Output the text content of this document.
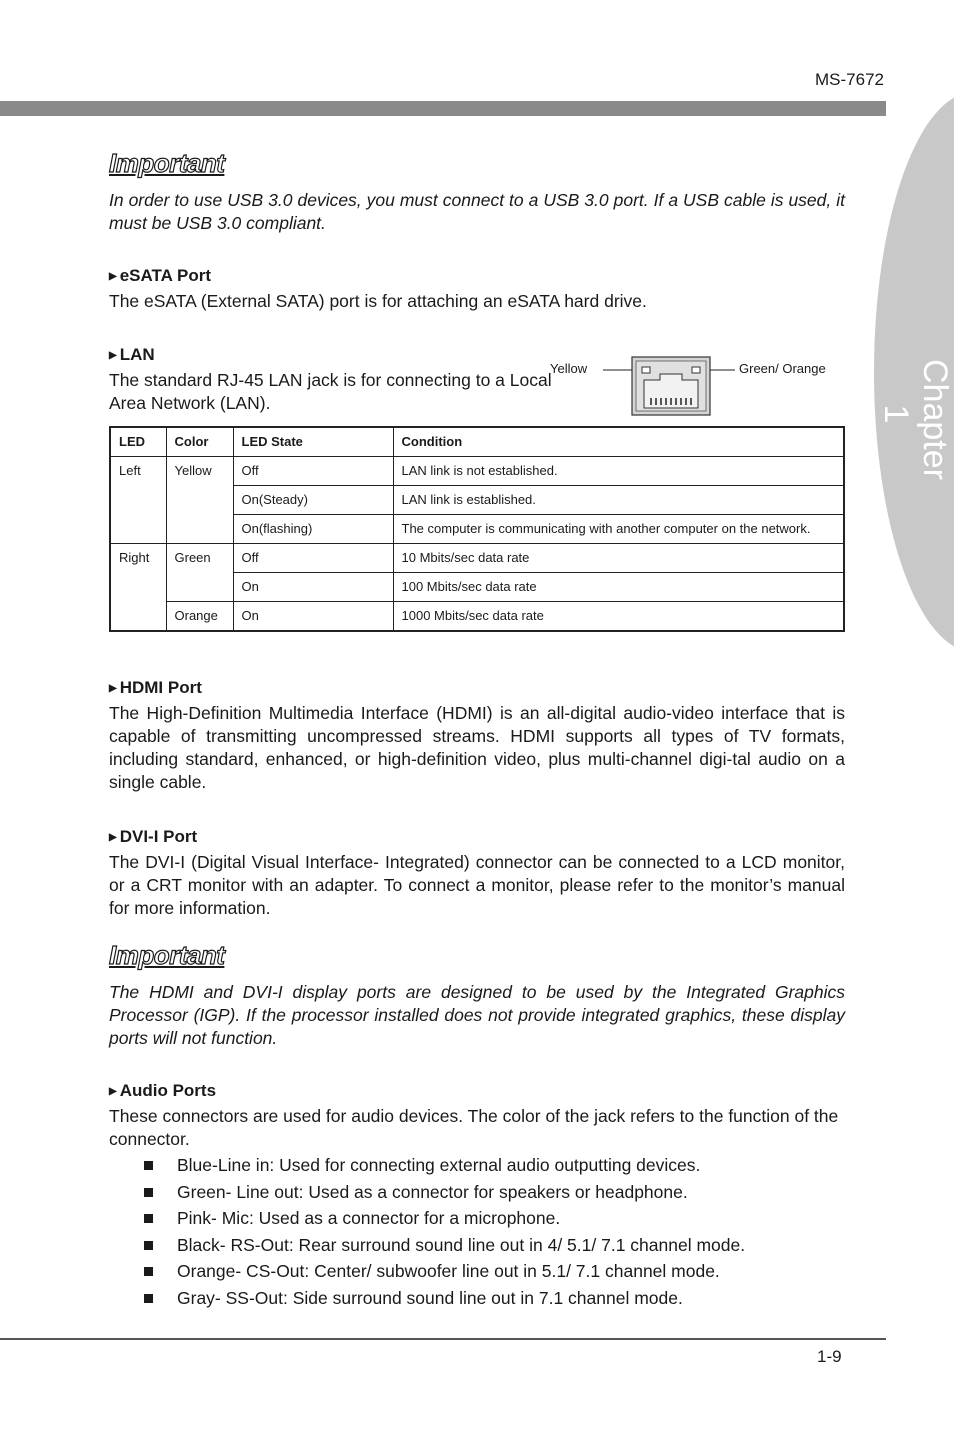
MS-7672
Chapter 1
Important

In order to use USB 3.0 devices, you must connect to a USB 3.0 port. If a USB cable is used, it must be USB 3.0 compliant.

▶ eSATA Port

The eSATA (External SATA) port is for attaching an eSATA hard drive.

▶ LAN

The standard RJ-45 LAN jack is for connecting to a Local Area Network (LAN).

Yellow	Green/ Orange
LED	Color	LED State	Condition
Left	Yellow	Off	LAN link is not established.
		On(Steady)	LAN link is established.
		On(flashing)	The computer is communicating with another computer on the network.
Right	Green	Off	10 Mbits/sec data rate
		On	100 Mbits/sec data rate
	Orange	On	1000 Mbits/sec data rate

▶ HDMI Port

The High-Definition Multimedia Interface (HDMI) is an all-digital audio-video interface that is capable of transmitting uncompressed streams. HDMI supports all types of TV formats, including standard, enhanced, or high-definition video, plus multi-channel digi-tal audio on a single cable.

▶ DVI-I Port

The DVI-I (Digital Visual Interface- Integrated) connector can be connected to a LCD monitor, or a CRT monitor with an adapter. To connect a monitor, please refer to the monitor’s manual for more information.

Important

The HDMI and DVI-I display ports are designed to be used by the Integrated Graphics Processor (IGP). If the processor installed does not provide integrated graphics, these display ports will not function.

▶ Audio Ports

These connectors are used for audio devices. The color of the jack refers to the function of the connector.

Blue-Line in: Used for connecting external audio outputting devices.
Green- Line out: Used as a connector for speakers or headphone.
Pink- Mic: Used as a connector for a microphone.
Black- RS-Out: Rear surround sound line out in 4/ 5.1/ 7.1 channel mode.
Orange- CS-Out: Center/ subwoofer line out in 5.1/ 7.1 channel mode.
Gray- SS-Out: Side surround sound line out in 7.1 channel mode.
1-9
